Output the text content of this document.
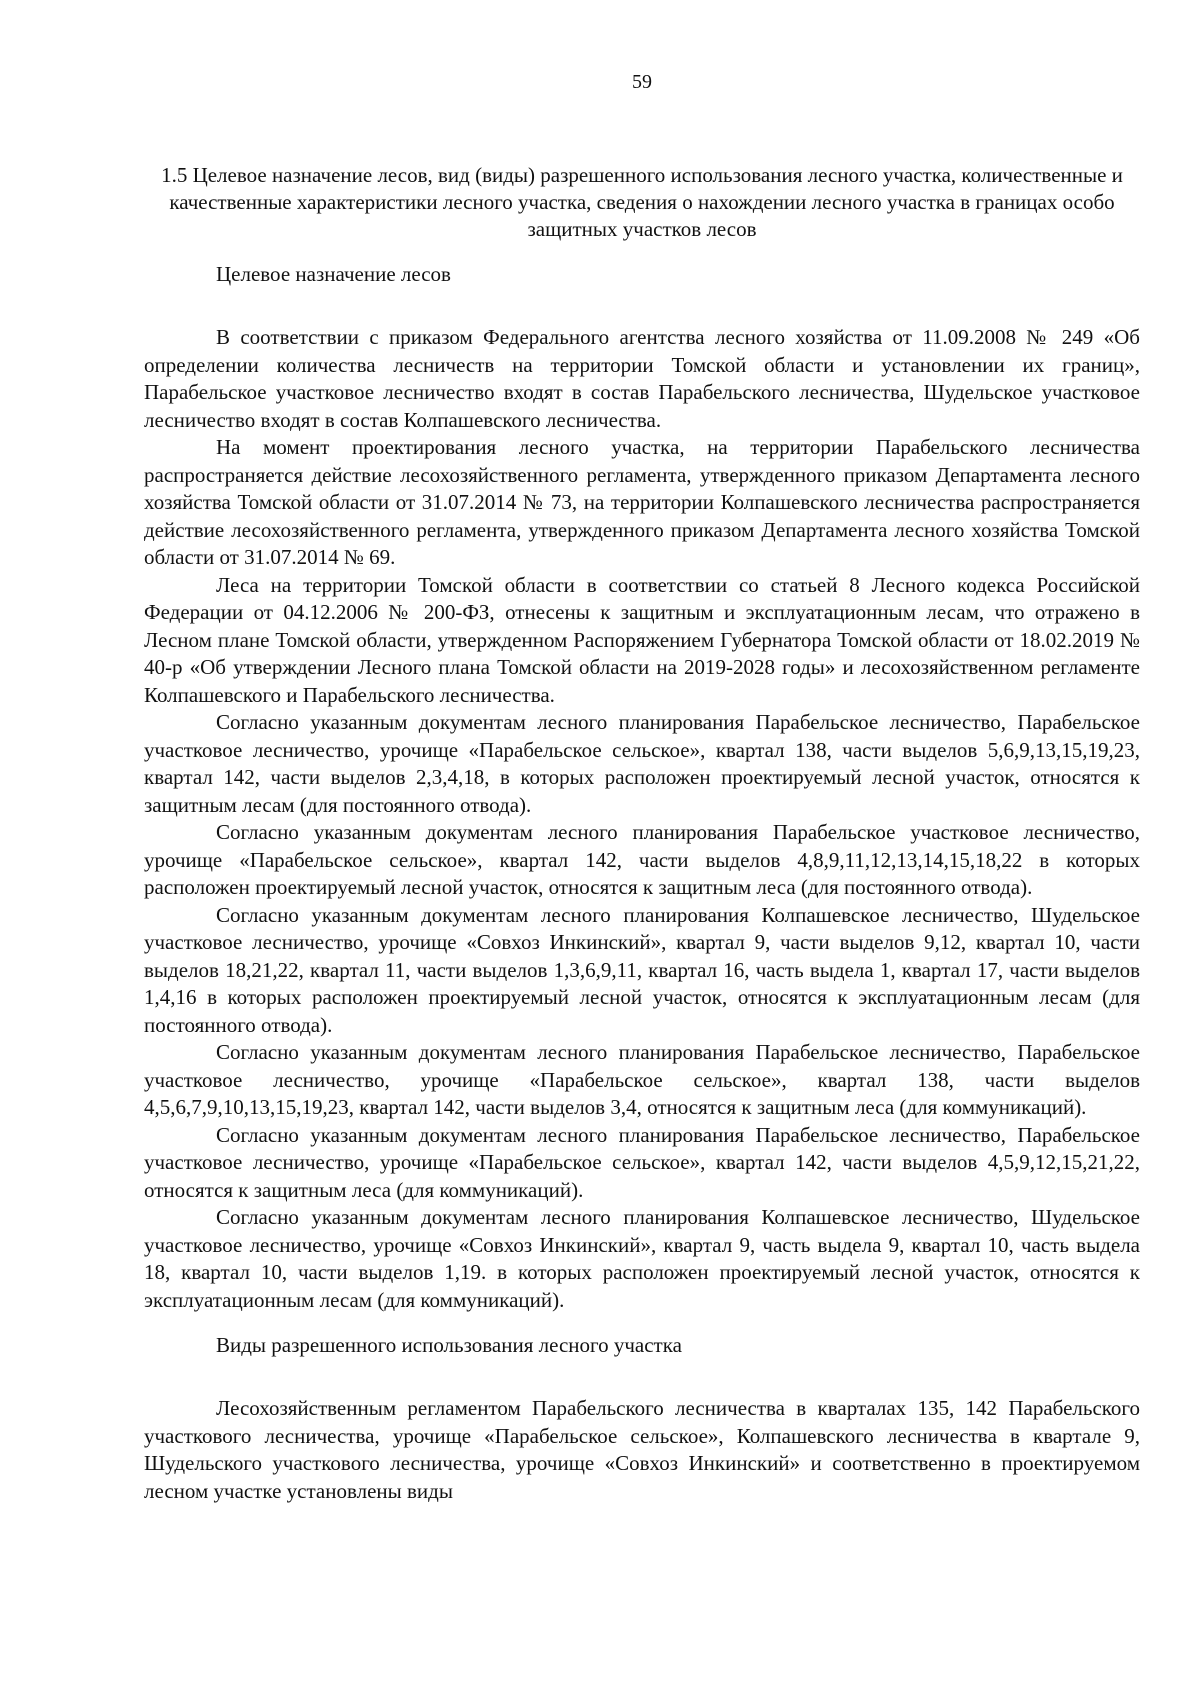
59
1.5 Целевое назначение лесов, вид (виды) разрешенного использования лесного участка, количественные и качественные характеристики лесного участка, сведения о нахождении лесного участка в границах особо защитных участков лесов
Целевое назначение лесов

В соответствии с приказом Федерального агентства лесного хозяйства от 11.09.2008 № 249 «Об определении количества лесничеств на территории Томской области и установлении их границ», Парабельское участковое лесничество входят в состав Парабельского лесничества, Шудельское участковое лесничество входят в состав Колпашевского лесничества.

На момент проектирования лесного участка, на территории Парабельского лесничества распространяется действие лесохозяйственного регламента, утвержденного приказом Департамента лесного хозяйства Томской области от 31.07.2014 № 73, на территории Колпашевского лесничества распространяется действие лесохозяйственного регламента, утвержденного приказом Департамента лесного хозяйства Томской области от 31.07.2014 № 69.

Леса на территории Томской области в соответствии со статьей 8 Лесного кодекса Российской Федерации от 04.12.2006 № 200-ФЗ, отнесены к защитным и эксплуатационным лесам, что отражено в Лесном плане Томской области, утвержденном Распоряжением Губернатора Томской области от 18.02.2019 № 40-р «Об утверждении Лесного плана Томской области на 2019-2028 годы» и лесохозяйственном регламенте Колпашевского и Парабельского лесничества.

Согласно указанным документам лесного планирования Парабельское лесничество, Парабельское участковое лесничество, урочище «Парабельское сельское», квартал 138, части выделов 5,6,9,13,15,19,23, квартал 142, части выделов 2,3,4,18, в которых расположен проектируемый лесной участок, относятся к защитным лесам (для постоянного отвода).

Согласно указанным документам лесного планирования Парабельское участковое лесничество, урочище «Парабельское сельское», квартал 142, части выделов 4,8,9,11,12,13,14,15,18,22 в которых расположен проектируемый лесной участок, относятся к защитным леса (для постоянного отвода).

Согласно указанным документам лесного планирования Колпашевское лесничество, Шудельское участковое лесничество, урочище «Совхоз Инкинский», квартал 9, части выделов 9,12, квартал 10, части выделов 18,21,22, квартал 11, части выделов 1,3,6,9,11, квартал 16, часть выдела 1, квартал 17, части выделов 1,4,16 в которых расположен проектируемый лесной участок, относятся к эксплуатационным лесам (для постоянного отвода).

Согласно указанным документам лесного планирования Парабельское лесничество, Парабельское участковое лесничество, урочище «Парабельское сельское», квартал 138, части выделов 4,5,6,7,9,10,13,15,19,23, квартал 142, части выделов 3,4, относятся к защитным леса (для коммуникаций).

Согласно указанным документам лесного планирования Парабельское лесничество, Парабельское участковое лесничество, урочище «Парабельское сельское», квартал 142, части выделов 4,5,9,12,15,21,22, относятся к защитным леса (для коммуникаций).

Согласно указанным документам лесного планирования Колпашевское лесничество, Шудельское участковое лесничество, урочище «Совхоз Инкинский», квартал 9, часть выдела 9, квартал 10, часть выдела 18, квартал 10, части выделов 1,19. в которых расположен проектируемый лесной участок, относятся к эксплуатационным лесам (для коммуникаций).

Виды разрешенного использования лесного участка

Лесохозяйственным регламентом Парабельского лесничества в кварталах 135, 142 Парабельского участкового лесничества, урочище «Парабельское сельское», Колпашевского лесничества в квартале 9, Шудельского участкового лесничества, урочище «Совхоз Инкинский» и соответственно в проектируемом лесном участке установлены виды
